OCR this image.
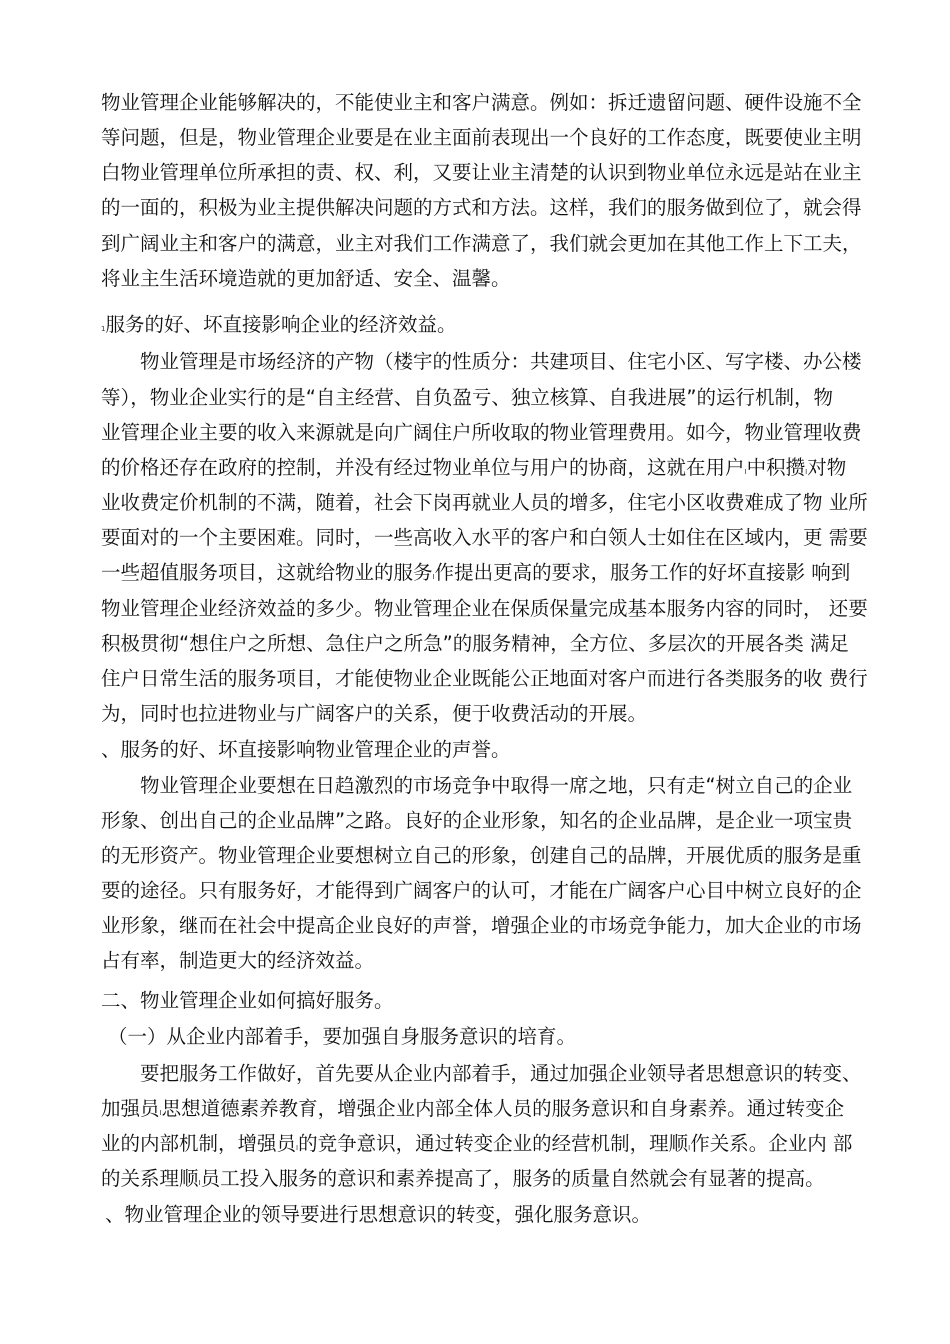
物业管理企业能够解决的，不能使业主和客户满意。例如：拆迁遗留问题、硬件设施不全
等问题，但是，物业管理企业要是在业主面前表现出一个良好的工作态度，既要使业主明
白物业管理单位所承担的责、权、利，又要让业主清楚的认识到物业单位永远是站在业主
的一面的，积极为业主提供解决问题的方式和方法。这样，我们的服务做到位了，就会得
到广阔业主和客户的满意，业主对我们工作满意了，我们就会更加在其他工作上下工夫，
将业主生活环境造就的更加舒适、安全、温馨。
1服务的好、坏直接影响企业的经济效益。
物业管理是市场经济的产物（楼宇的性质分：共建项目、住宅小区、写字楼、办公楼
等），物业企业实行的是“自主经营、自负盈亏、独立核算、自我进展”的运行机制，物
业管理企业主要的收入来源就是向广阔住户所收取的物业管理费用。如今，物业管理收费
的价格还存在政府的控制，并没有经过物业单位与用户的协商，这就在用户I中积攒I对物
业收费定价机制的不满，随着，社会下岗再就业人员的增多，住宅小区收费难成了物 业所
要面对的一个主要困难。同时，一些高收入水平的客户和白领人士如住在区域内，更 需要
一些超值服务项目，这就给物业的服务I作提出更高的要求，服务工作的好坏直接影 响到
物业管理企业经济效益的多少。物业管理企业在保质保量完成基本服务内容的同时， 还要
积极贯彻“想住户之所想、急住户之所急”的服务精神，全方位、多层次的开展各类 满足
住户日常生活的服务项目，才能使物业企业既能公正地面对客户而进行各类服务的收 费行
为，同时也拉进物业与广阔客户的关系，便于收费活动的开展。
、服务的好、坏直接影响物业管理企业的声誉。
物业管理企业要想在日趋激烈的市场竞争中取得一席之地，只有走“树立自己的企业
形象、创出自己的企业品牌”之路。良好的企业形象，知名的企业品牌，是企业一项宝贵
的无形资产。物业管理企业要想树立自己的形象，创建自己的品牌，开展优质的服务是重
要的途径。只有服务好，才能得到广阔客户的认可，才能在广阔客户心目中树立良好的企
业形象，继而在社会中提高企业良好的声誉，增强企业的市场竞争能力，加大企业的市场
占有率，制造更大的经济效益。
二、物业管理企业如何搞好服务。
（一）从企业内部着手，要加强自身服务意识的培育。
要把服务工作做好，首先要从企业内部着手，通过加强企业领导者思想意识的转变、
加强员I思想道德素养教育，增强企业内部全体人员的服务意识和自身素养。通过转变企
业的内部机制，增强员I的竞争意识，通过转变企业的经营机制，理顺I作关系。企业内 部
的关系理顺I员工投入服务的意识和素养提高了，服务的质量自然就会有显著的提高。
、物业管理企业的领导要进行思想意识的转变，强化服务意识。
